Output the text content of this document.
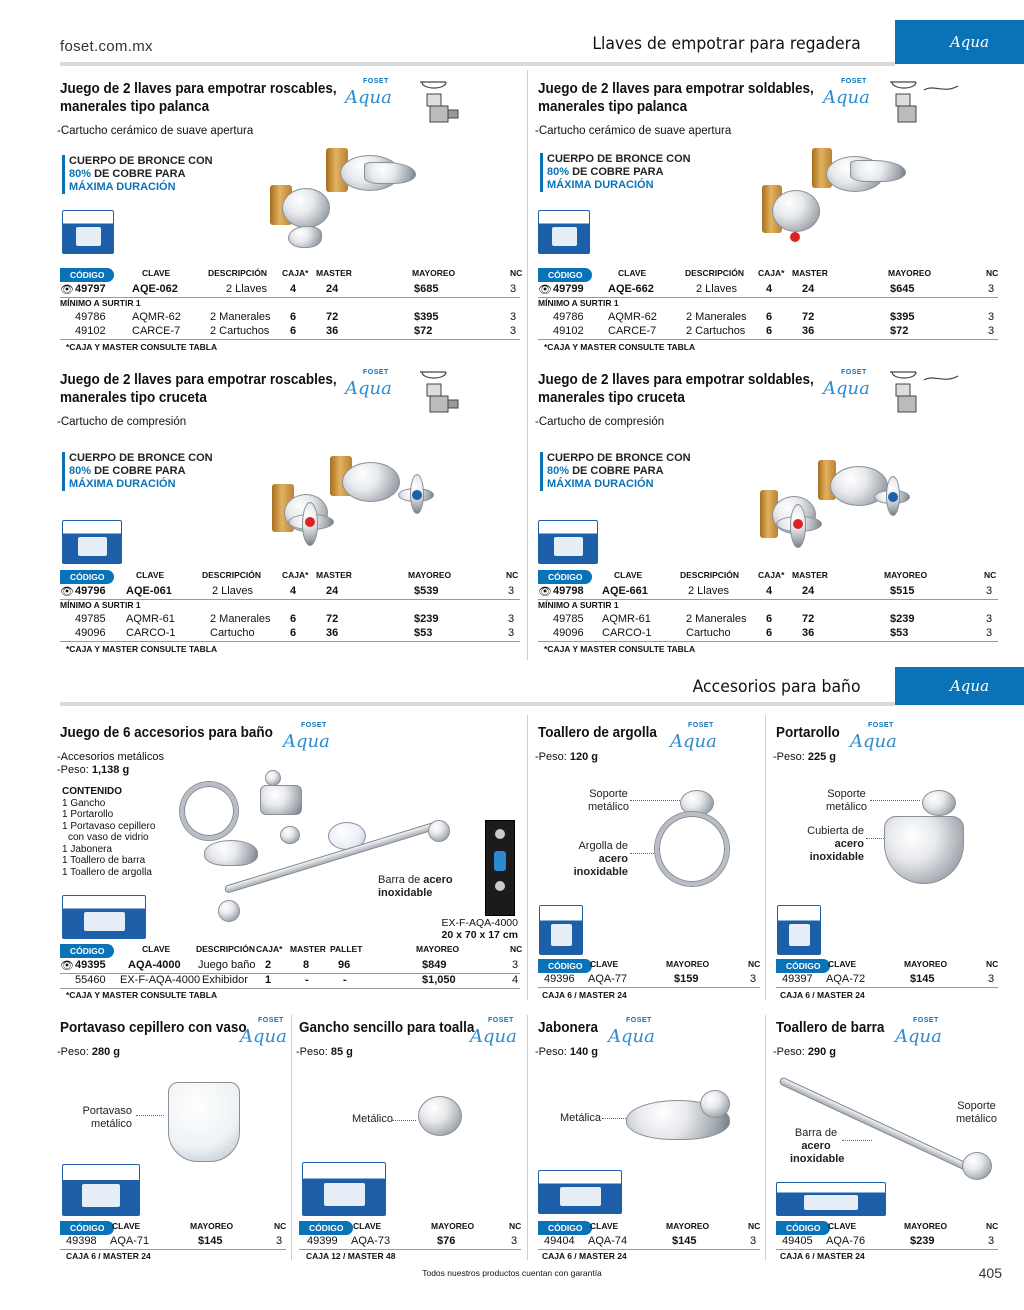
foset.com.mx	Llaves de empotrar para regadera	Aqua
Juego de 2 llaves para empotrar roscables,
manerales tipo palanca
FOSET
Aqua
-Cartucho cerámico de suave apertura
CUERPO DE BRONCE CON
80% DE COBRE PARA
MÁXIMA DURACIÓN
CÓDIGO	CLAVE	DESCRIPCIÓN CAJA* MASTER	MAYOREO	NC
👁 49797 AQE-062	2 Llaves 4	24	$685	3
MÍNIMO A SURTIR 1
49786 AQMR-62	2 Manerales 6	72	$395	3
49102 CARCE-7	2 Cartuchos 6	36	$72	3
*CAJA Y MASTER CONSULTE TABLA
Juego de 2 llaves para empotrar soldables,
manerales tipo palanca
FOSET
Aqua
-Cartucho cerámico de suave apertura
CUERPO DE BRONCE CON
80% DE COBRE PARA
MÁXIMA DURACIÓN
CÓDIGO	CLAVE	DESCRIPCIÓN CAJA* MASTER	MAYOREO	NC
👁 49799 AQE-662	2 Llaves	4	24	$645	3
MÍNIMO A SURTIR 1
49786 AQMR-62	2 Manerales 6	72	$395	3
49102 CARCE-7	2 Cartuchos 6	36	$72	3
*CAJA Y MASTER CONSULTE TABLA
Juego de 2 llaves para empotrar roscables,
manerales tipo cruceta
FOSET
Aqua
-Cartucho de compresión
CUERPO DE BRONCE CON
80% DE COBRE PARA
MÁXIMA DURACIÓN
CÓDIGO	CLAVE	DESCRIPCIÓN CAJA* MASTER	MAYOREO	NC
👁 49796 AQE-061	2 Llaves	4	24	$539	3
MÍNIMO A SURTIR 1
49785 AQMR-61	2 Manerales 6	72	$239	3
49096 CARCO-1	Cartucho	6	36	$53	3
*CAJA Y MASTER CONSULTE TABLA
Juego de 2 llaves para empotrar soldables,
manerales tipo cruceta
FOSET
Aqua
-Cartucho de compresión
CUERPO DE BRONCE CON
80% DE COBRE PARA
MÁXIMA DURACIÓN
CÓDIGO	CLAVE	DESCRIPCIÓN CAJA* MASTER	MAYOREO	NC
👁 49798 AQE-661	2 Llaves	4	24	$515	3
MÍNIMO A SURTIR 1
49785 AQMR-61	2 Manerales 6	72	$239	3
49096 CARCO-1	Cartucho	6	36	$53	3
*CAJA Y MASTER CONSULTE TABLA
Accesorios para baño	Aqua
Juego de 6 accesorios para baño	FOSET
Aqua
-Accesorios metálicos
-Peso: 1,138 g
CONTENIDO
1 Gancho
1 Portarollo
1 Portavaso cepillero
con vaso de vidrio
1 Jabonera
1 Toallero de barra
1 Toallero de argolla
Barra de acero
inoxidable
EX-F-AQA-4000
20 x 70 x 17 cm
CÓDIGO	CLAVE	DESCRIPCIÓN CAJA* MASTER PALLET	MAYOREO	NC
👁 49395 AQA-4000 Juego baño 2	8	96	$849	3
55460 EX-F-AQA-4000 Exhibidor 1	-	-	$1,050	4
*CAJA Y MASTER CONSULTE TABLA
Toallero de argolla	FOSET
Aqua
-Peso: 120 g
Soporte
metálico
Argolla de acero
inoxidable
CÓDIGO CLAVE	MAYOREO	NC
49396 AQA-77	$159	3
CAJA 6 / MASTER 24
Portarollo	FOSET
Aqua
-Peso: 225 g
Soporte
metálico
Cubierta de acero
inoxidable
CÓDIGO CLAVE	MAYOREO	NC
49397 AQA-72	$145	3
CAJA 6 / MASTER 24
Portavaso cepillero con vaso	FOSET
Aqua
-Peso: 280 g
Portavaso
metálico
CÓDIGO CLAVE	MAYOREO	NC
49398 AQA-71	$145	3
CAJA 6 / MASTER 24
Gancho sencillo para toalla	FOSET
Aqua
-Peso: 85 g
Metálico
CÓDIGO	CLAVE	MAYOREO	NC
49399 AQA-73	$76	3
CAJA 12 / MASTER 48
Jabonera	FOSET
Aqua
-Peso: 140 g
Metálica
CÓDIGO CLAVE	MAYOREO	NC
49404 AQA-74	$145	3
CAJA 6 / MASTER 24
Toallero de barra	FOSET
Aqua
-Peso: 290 g
Barra de
acero
inoxidable
Soporte
metálico
CÓDIGO CLAVE	MAYOREO	NC
49405 AQA-76	$239	3
CAJA 6 / MASTER 24
Todos nuestros productos cuentan con garantía	405
